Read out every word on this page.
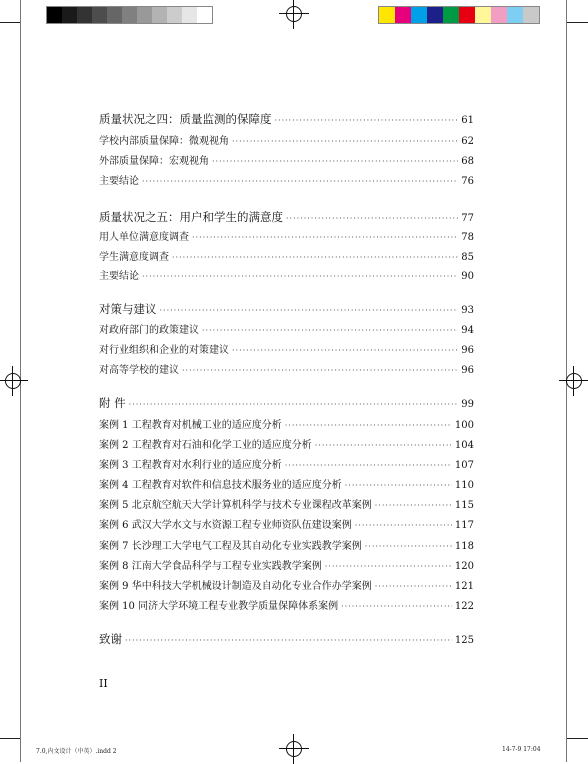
质量状况之四：质量监测的保障度 ·····	61
学校内部质量保障：微观视角 ·····	62
外部质量保障：宏观视角 ·····	68
主要结论 ·····	76
质量状况之五：用户和学生的满意度 ·····	77
用人单位满意度调查 ·····	78
学生满意度调查 ·····	85
主要结论 ·····	90
对策与建议 ·····	93
对政府部门的政策建议 ·····	94
对行业组织和企业的对策建议 ·····	96
对高等学校的建议 ·····	96
附 件 ·····	99
案例 1 工程教育对机械工业的适应度分析 ·····	100
案例 2 工程教育对石油和化学工业的适应度分析 ·····	104
案例 3 工程教育对水利行业的适应度分析 ·····	107
案例 4 工程教育对软件和信息技术服务业的适应度分析 ·····	110
案例 5 北京航空航天大学计算机科学与技术专业课程改革案例 ·····	115
案例 6 武汉大学水文与水资源工程专业师资队伍建设案例 ·····	117
案例 7 长沙理工大学电气工程及其自动化专业实践教学案例 ·····	118
案例 8 江南大学食品科学与工程专业实践教学案例 ·····	120
案例 9 华中科技大学机械设计制造及自动化专业合作办学案例 ·····	121
案例 10 同济大学环境工程专业教学质量保障体系案例 ·····	122
致谢 ·····	125
II
7.0,内文设计（中英）.indd 2	14-7-9 17:04
